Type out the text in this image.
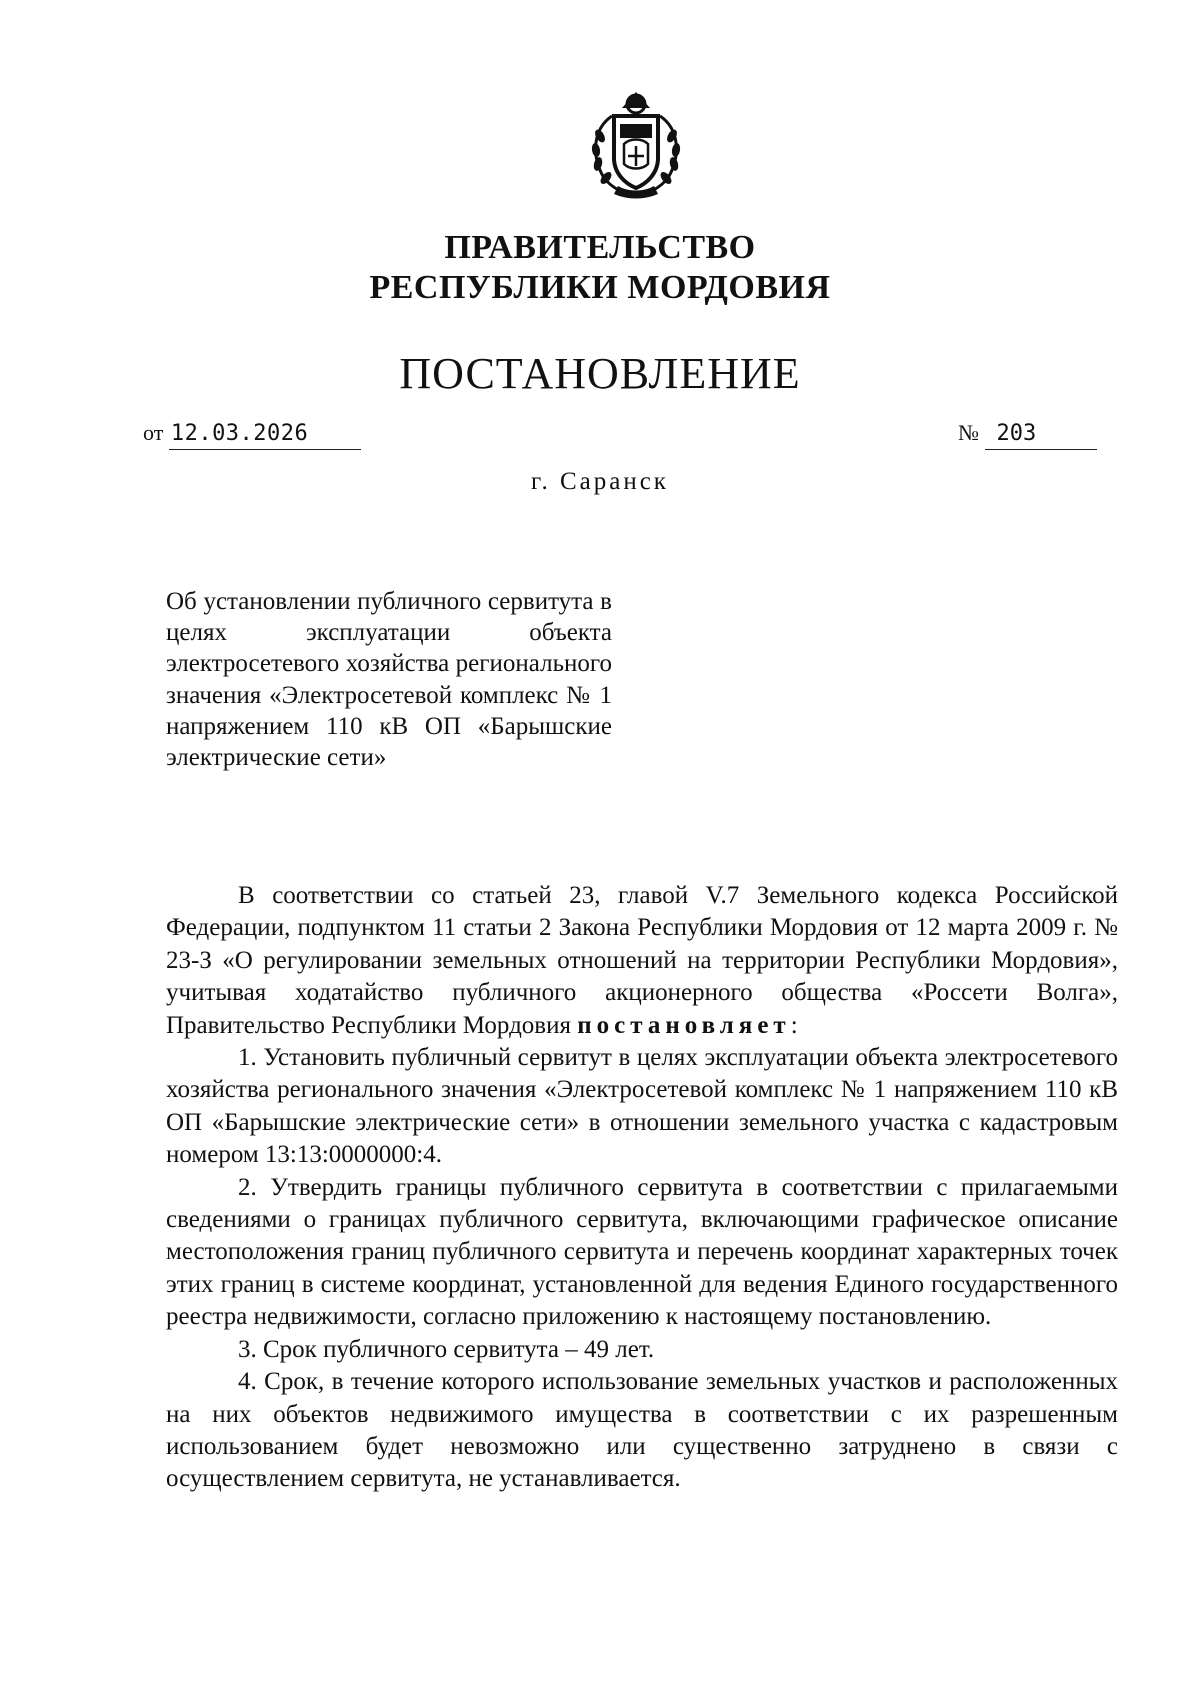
ПРАВИТЕЛЬСТВО
РЕСПУБЛИКИ МОРДОВИЯ
ПОСТАНОВЛЕНИЕ
от 12.03.2026	№ 203
г. Саранск
Об установлении публичного сервитута в целях эксплуатации объекта электросетевого хозяйства регионального значения «Электросетевой комплекс № 1 напряжением 110 кВ ОП «Барышские электрические сети»

В соответствии со статьей 23, главой V.7 Земельного кодекса Российской Федерации, подпунктом 11 статьи 2 Закона Республики Мордовия от 12 марта 2009 г. № 23-З «О регулировании земельных отношений на территории Республики Мордовия», учитывая ходатайство публичного акционерного общества «Россети Волга», Правительство Республики Мордовия постановляет:

1. Установить публичный сервитут в целях эксплуатации объекта электросетевого хозяйства регионального значения «Электросетевой комплекс № 1 напряжением 110 кВ ОП «Барышские электрические сети» в отношении земельного участка с кадастровым номером 13:13:0000000:4.

2. Утвердить границы публичного сервитута в соответствии с прилагаемыми сведениями о границах публичного сервитута, включающими графическое описание местоположения границ публичного сервитута и перечень координат характерных точек этих границ в системе координат, установленной для ведения Единого государственного реестра недвижимости, согласно приложению к настоящему постановлению.

3. Срок публичного сервитута – 49 лет.

4. Срок, в течение которого использование земельных участков и расположенных на них объектов недвижимого имущества в соответствии с их разрешенным использованием будет невозможно или существенно затруднено в связи с осуществлением сервитута, не устанавливается.
